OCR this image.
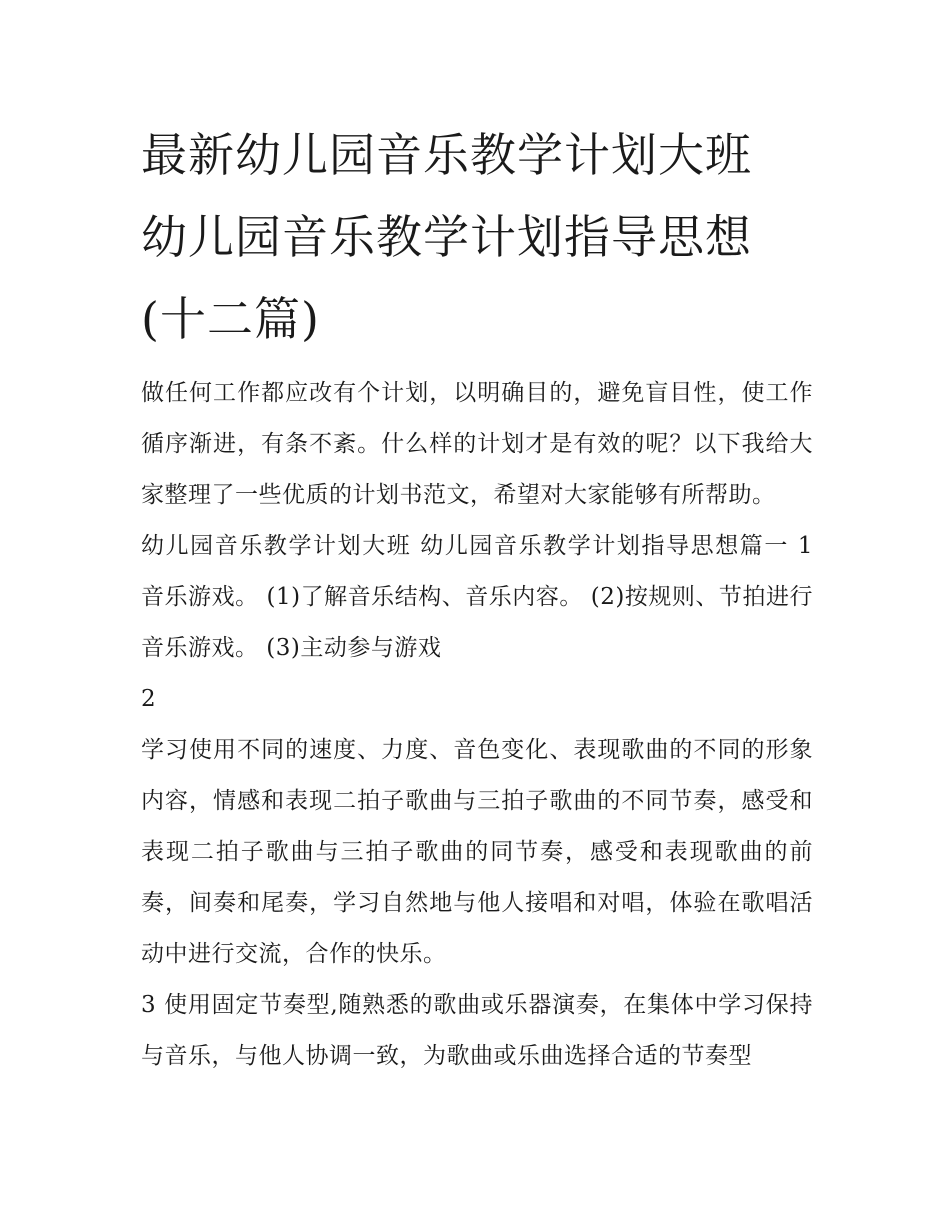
最新幼儿园音乐教学计划大班 幼儿园音乐教学计划指导思想(十二篇)

做任何工作都应改有个计划，以明确目的，避免盲目性，使工作循序渐进，有条不紊。什么样的计划才是有效的呢？以下我给大家整理了一些优质的计划书范文，希望对大家能够有所帮助。

幼儿园音乐教学计划大班 幼儿园音乐教学计划指导思想篇一 1 音乐游戏。 (1)了解音乐结构、音乐内容。 (2)按规则、节拍进行音乐游戏。 (3)主动参与游戏

2

学习使用不同的速度、力度、音色变化、表现歌曲的不同的形象内容，情感和表现二拍子歌曲与三拍子歌曲的不同节奏，感受和表现二拍子歌曲与三拍子歌曲的同节奏，感受和表现歌曲的前奏，间奏和尾奏，学习自然地与他人接唱和对唱，体验在歌唱活动中进行交流，合作的快乐。

3 使用固定节奏型,随熟悉的歌曲或乐器演奏，在集体中学习保持与音乐，与他人协调一致，为歌曲或乐曲选择合适的节奏型
